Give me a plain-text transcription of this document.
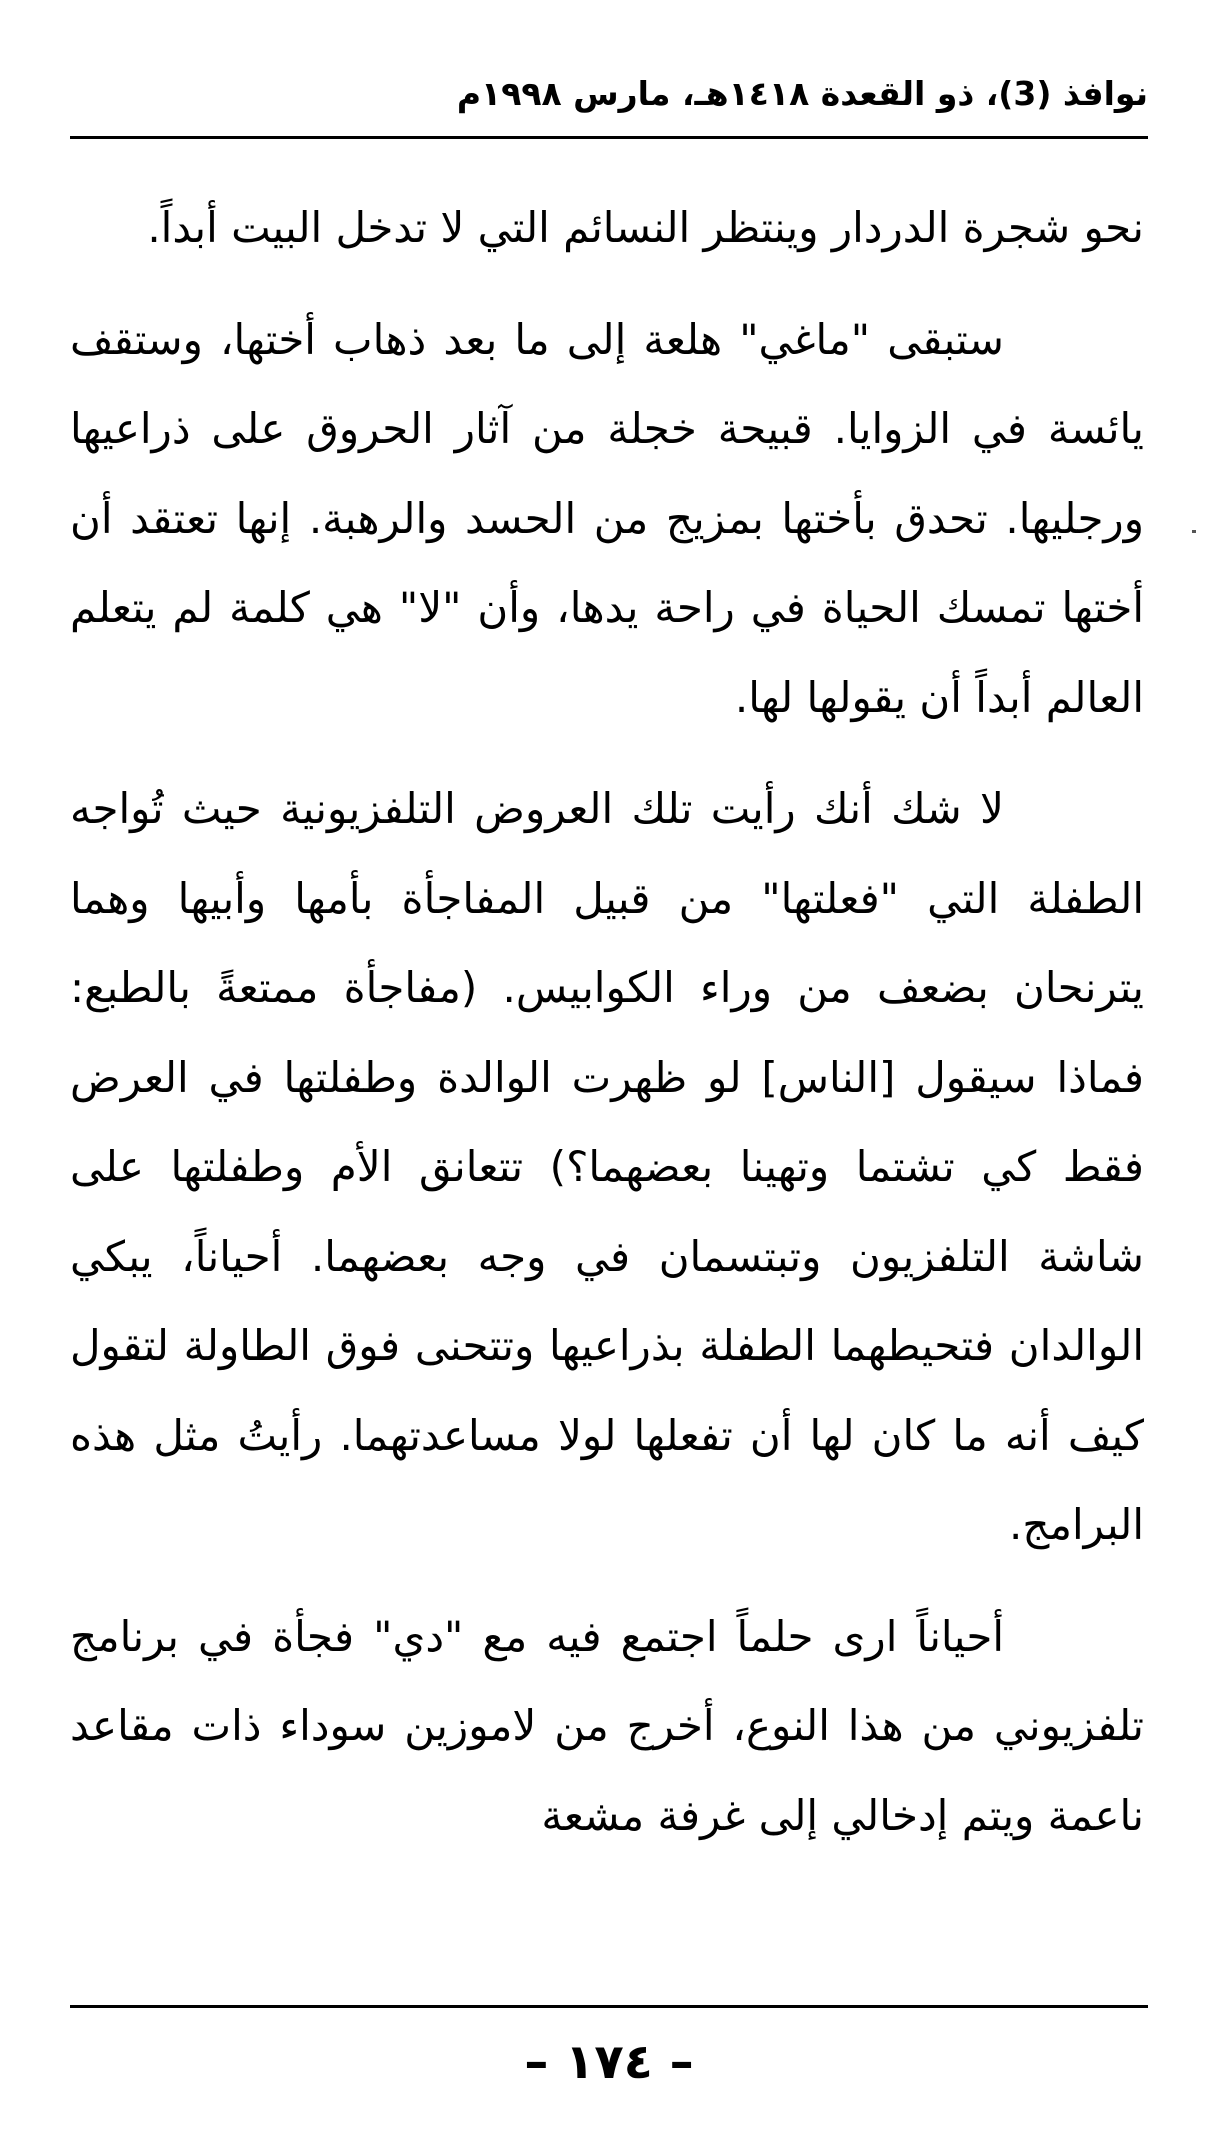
نوافذ (3)، ذو القعدة ١٤١٨هـ، مارس ١٩٩٨م

نحو شجرة الدردار وينتظر النسائم التي لا تدخل البيت أبداً.

ستبقى "ماغي" هلعة إلى ما بعد ذهاب أختها، وستقف يائسة في الزوايا. قبيحة خجلة من آثار الحروق على ذراعيها ورجليها. تحدق بأختها بمزيج من الحسد والرهبة. إنها تعتقد أن أختها تمسك الحياة في راحة يدها، وأن "لا" هي كلمة لم يتعلم العالم أبداً أن يقولها لها.

لا شك أنك رأيت تلك العروض التلفزيونية حيث تُواجه الطفلة التي "فعلتها" من قبيل المفاجأة بأمها وأبيها وهما يترنحان بضعف من وراء الكوابيس. (مفاجأة ممتعةً بالطبع: فماذا سيقول [الناس] لو ظهرت الوالدة وطفلتها في العرض فقط كي تشتما وتهينا بعضهما؟) تتعانق الأم وطفلتها على شاشة التلفزيون وتبتسمان في وجه بعضهما. أحياناً، يبكي الوالدان فتحيطهما الطفلة بذراعيها وتتحنى فوق الطاولة لتقول كيف أنه ما كان لها أن تفعلها لولا مساعدتهما. رأيتُ مثل هذه البرامج.

أحياناً ارى حلماً اجتمع فيه مع "دي" فجأة في برنامج تلفزيوني من هذا النوع، أخرج من لاموزين سوداء ذات مقاعد ناعمة ويتم إدخالي إلى غرفة مشعة

– ١٧٤ –
